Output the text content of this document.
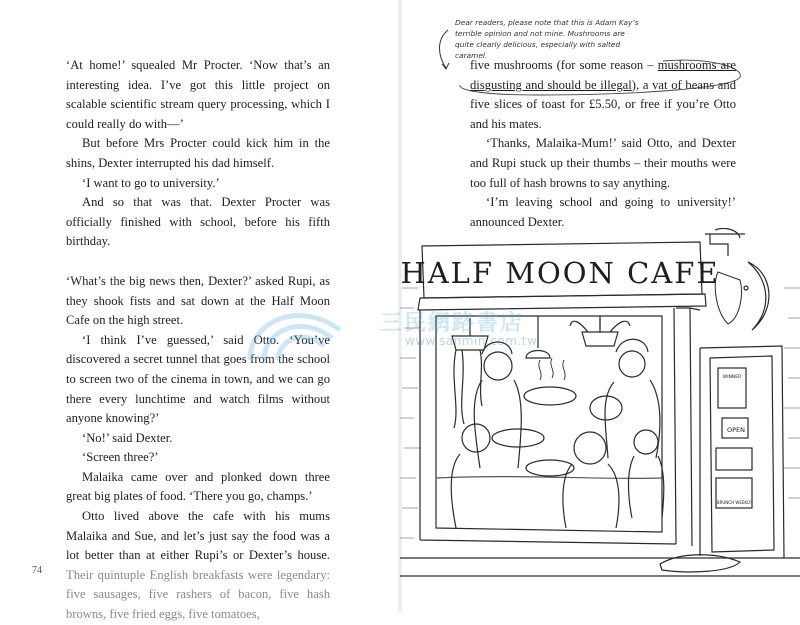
‘At home!’ squealed Mr Procter. ‘Now that’s an interesting idea. I’ve got this little project on scalable scientific stream query processing, which I could really do with—’

But before Mrs Procter could kick him in the shins, Dexter interrupted his dad himself.

‘I want to go to university.’

And so that was that. Dexter Procter was officially finished with school, before his fifth birthday.

‘What’s the big news then, Dexter?’ asked Rupi, as they shook fists and sat down at the Half Moon Cafe on the high street.

‘I think I’ve guessed,’ said Otto. ‘You’ve discovered a secret tunnel that goes from the school to screen two of the cinema in town, and we can go there every lunchtime and watch films without anyone knowing?’

‘No!’ said Dexter.

‘Screen three?’

Malaika came over and plonked down three great big plates of food. ‘There you go, champs.’

Otto lived above the cafe with his mums Malaika and Sue, and let’s just say the food was a lot better than at either Rupi’s or Dexter’s house. Their quintuple English breakfasts were legendary: five sausages, five rashers of bacon, five hash browns, five fried eggs, five tomatoes,

74
Dear readers, please note that this is Adam Kay’s terrible opinion and not mine. Mushrooms are quite clearly delicious, especially with salted caramel.

five mushrooms (for some reason – mushrooms are disgusting and should be illegal), a vat of beans and five slices of toast for £5.50, or free if you’re Otto and his mates.

‘Thanks, Malaika-Mum!’ said Otto, and Dexter and Rupi stuck up their thumbs – their mouths were too full of hash browns to say anything.

‘I’m leaving school and going to university!’ announced Dexter.

HALF MOON CAFE
OPEN
WINNER
BRUNCH WEEKLY
三民網路書店
www.sanmin.com.tw
